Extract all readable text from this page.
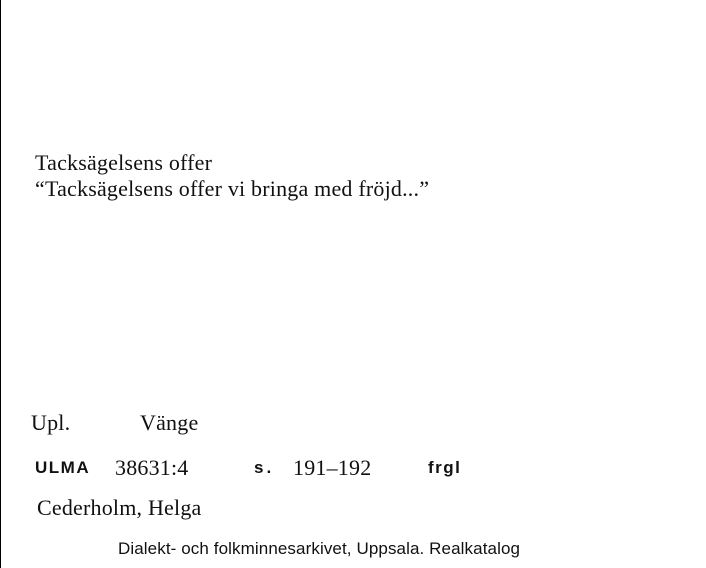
Tacksägelsens offer
“Tacksägelsens offer vi bringa med fröjd...”
Upl.	Vänge
ULMA 38631:4	s. 191–192	frgl
Cederholm, Helga
Dialekt- och folkminnesarkivet, Uppsala. Realkatalog
